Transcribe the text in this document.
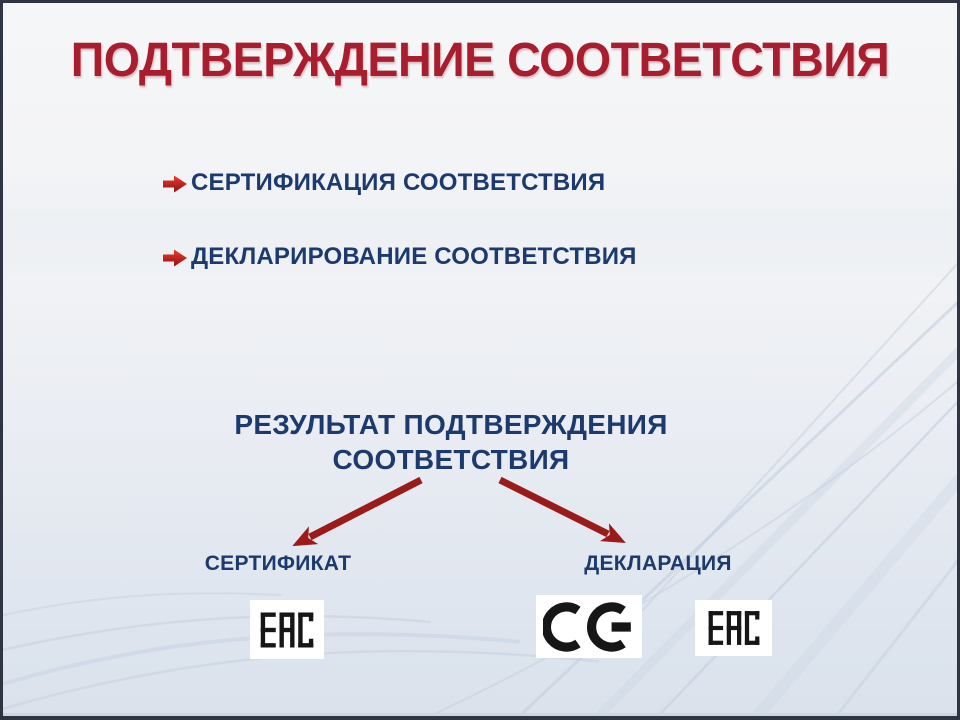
ПОДТВЕРЖДЕНИЕ СООТВЕТСТВИЯ
СЕРТИФИКАЦИЯ СООТВЕТСТВИЯ
ДЕКЛАРИРОВАНИЕ СООТВЕТСТВИЯ
РЕЗУЛЬТАТ ПОДТВЕРЖДЕНИЯ
СООТВЕТСТВИЯ
СЕРТИФИКАТ	ДЕКЛАРАЦИЯ
